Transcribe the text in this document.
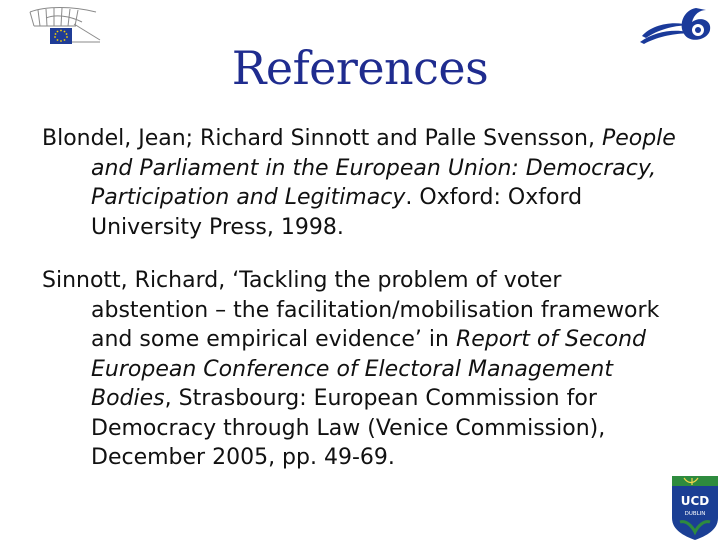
References

Blondel, Jean; Richard Sinnott and Palle Svensson, People and Parliament in the European Union: Democracy, Participation and Legitimacy. Oxford: Oxford University Press, 1998.

Sinnott, Richard, ‘Tackling the problem of voter abstention – the facilitation/mobilisation framework and some empirical evidence’ in Report of Second European Conference of Electoral Management Bodies, Strasbourg: European Commission for Democracy through Law (Venice Commission), December 2005, pp. 49-69.

UCD
DUBLIN
